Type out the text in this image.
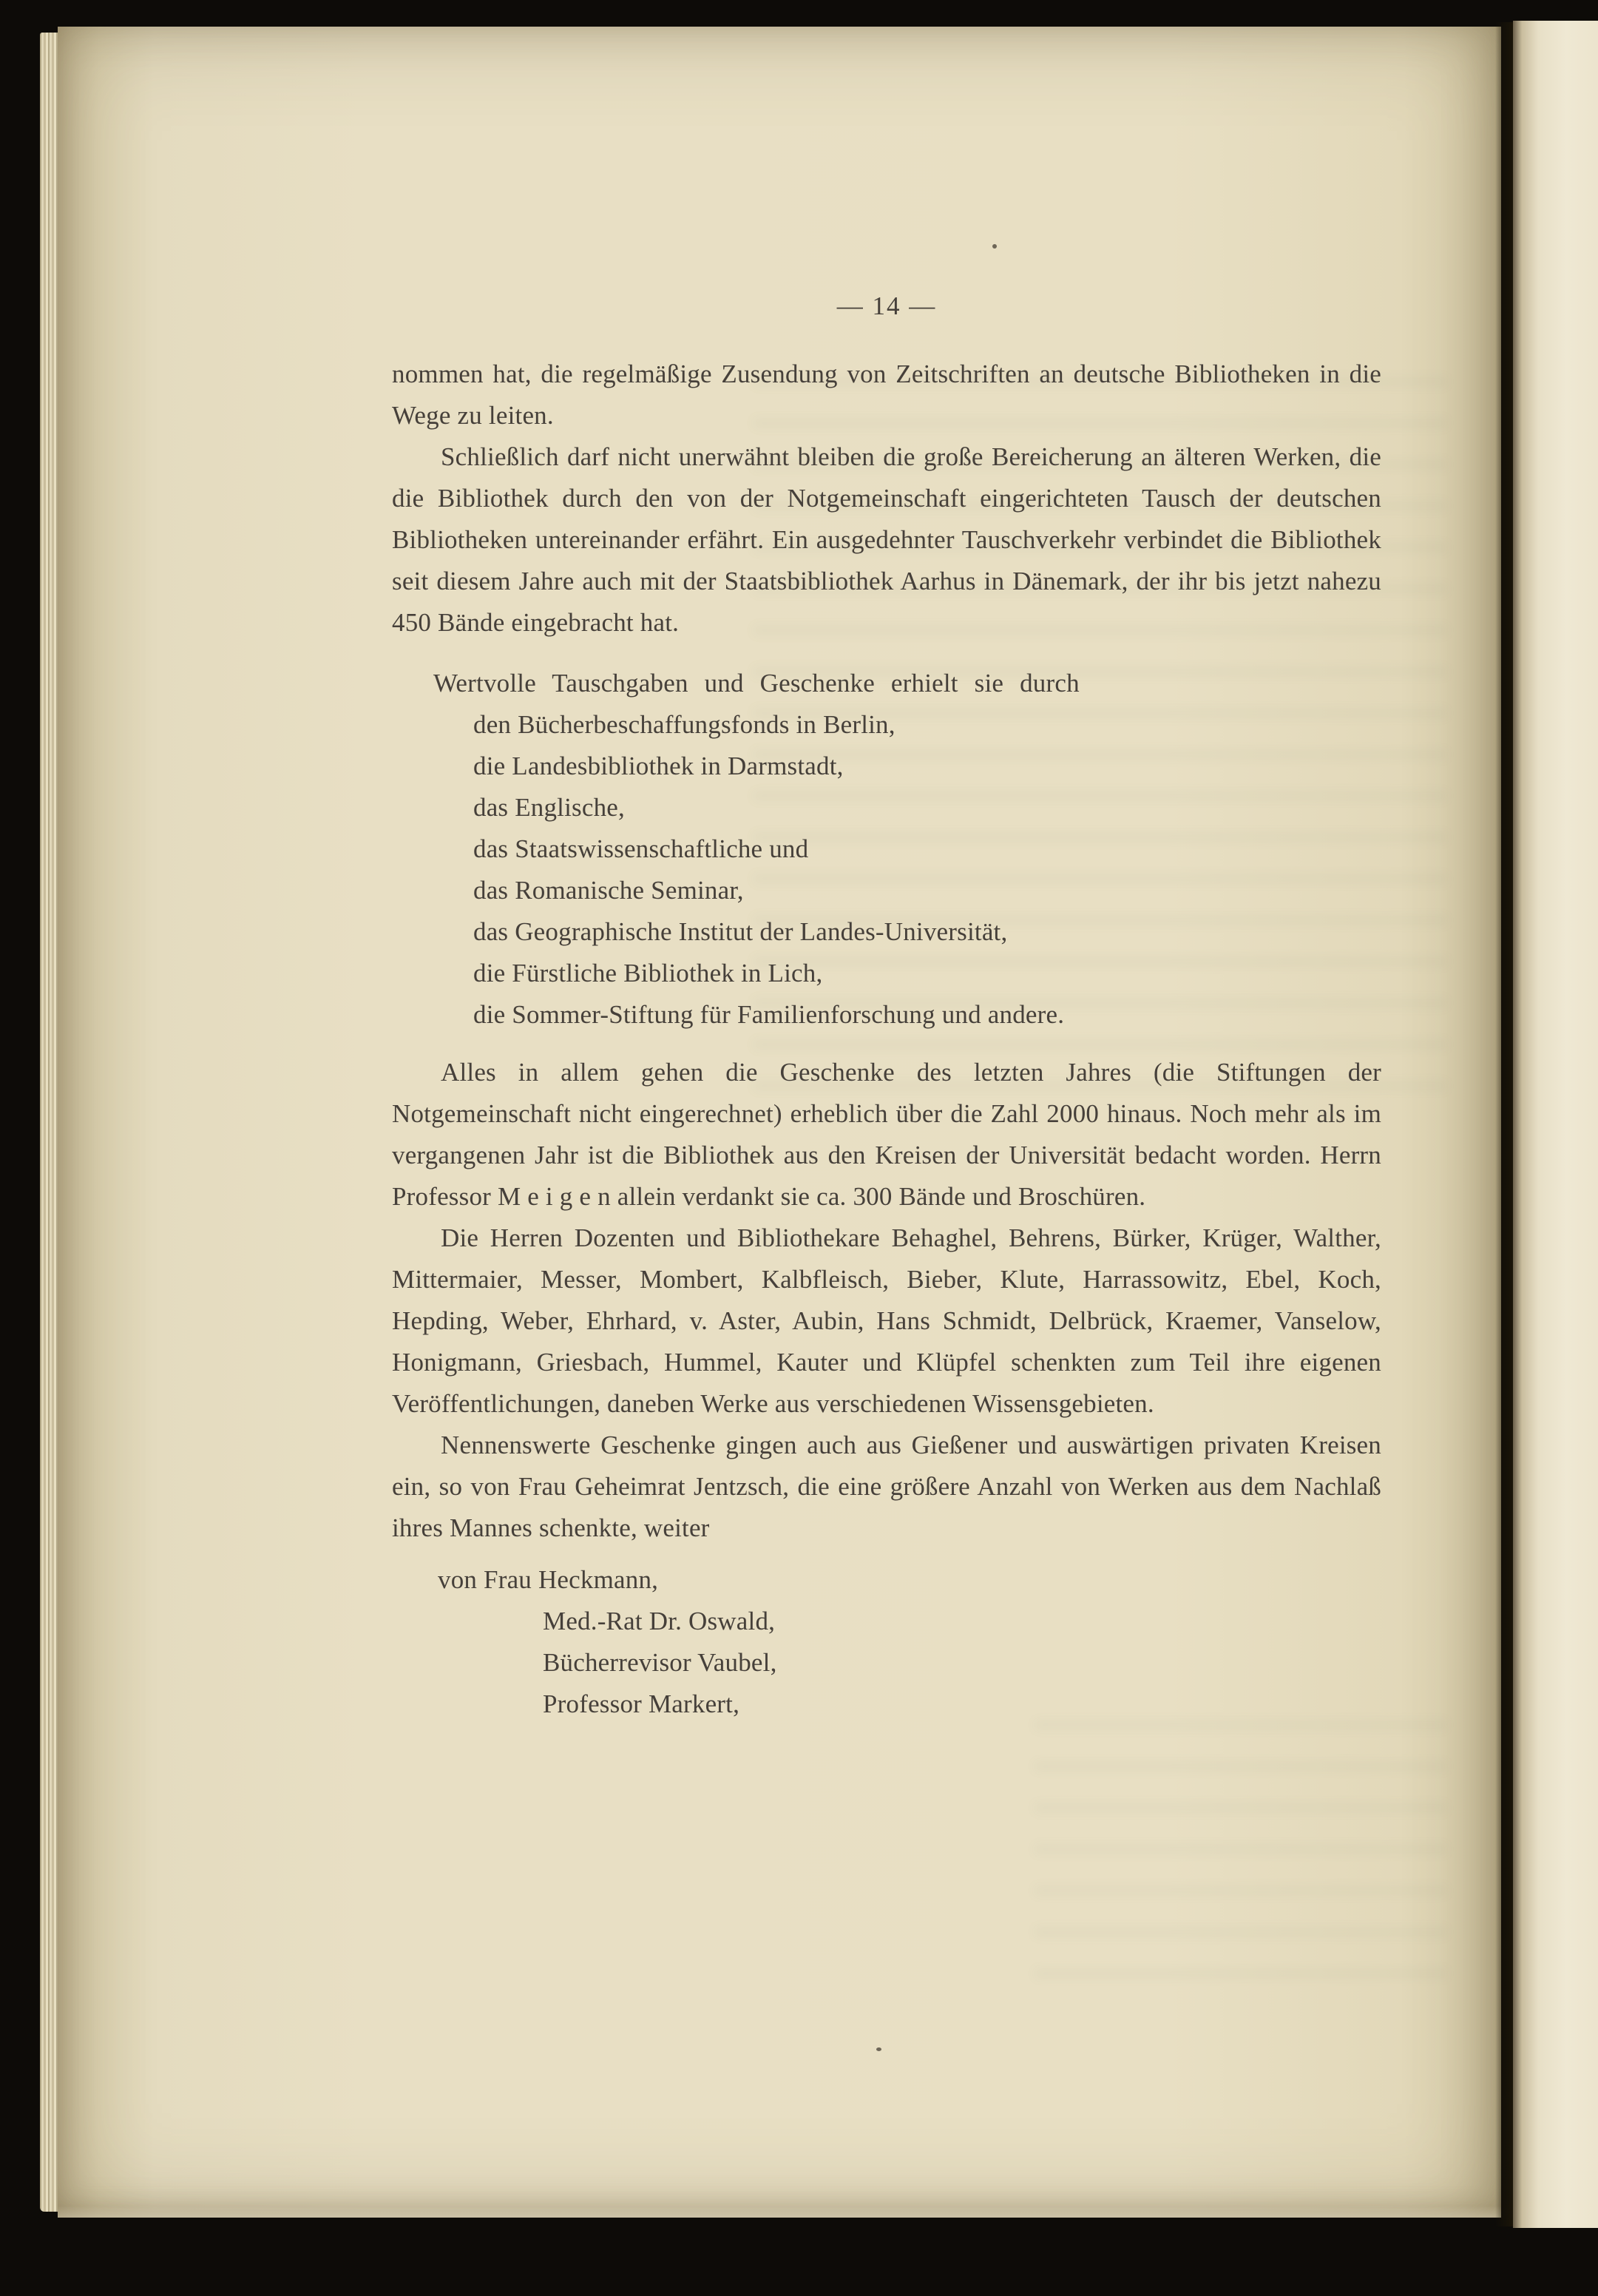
— 14 —

nommen hat, die regelmäßige Zusendung von Zeitschriften an deutsche Bibliotheken in die Wege zu leiten.

Schließlich darf nicht unerwähnt bleiben die große Bereicherung an älteren Werken, die die Bibliothek durch den von der Notgemeinschaft eingerichteten Tausch der deutschen Bibliotheken untereinander erfährt. Ein ausgedehnter Tauschverkehr verbindet die Bibliothek seit diesem Jahre auch mit der Staatsbibliothek Aarhus in Dänemark, der ihr bis jetzt nahezu 450 Bände eingebracht hat.

Wertvolle Tauschgaben und Geschenke erhielt sie durch
den Bücherbeschaffungsfonds in Berlin,
die Landesbibliothek in Darmstadt,
das Englische,
das Staatswissenschaftliche und
das Romanische Seminar,
das Geographische Institut der Landes-Universität,
die Fürstliche Bibliothek in Lich,
die Sommer-Stiftung für Familienforschung und andere.

Alles in allem gehen die Geschenke des letzten Jahres (die Stiftungen der Notgemeinschaft nicht eingerechnet) erheblich über die Zahl 2000 hinaus. Noch mehr als im vergangenen Jahr ist die Bibliothek aus den Kreisen der Universität bedacht worden. Herrn Professor M e i g e n allein verdankt sie ca. 300 Bände und Broschüren.

Die Herren Dozenten und Bibliothekare Behaghel, Behrens, Bürker, Krüger, Walther, Mittermaier, Messer, Mombert, Kalbfleisch, Bieber, Klute, Harrassowitz, Ebel, Koch, Hepding, Weber, Ehrhard, v. Aster, Aubin, Hans Schmidt, Delbrück, Kraemer, Vanselow, Honigmann, Griesbach, Hummel, Kauter und Klüpfel schenkten zum Teil ihre eigenen Veröffentlichungen, daneben Werke aus verschiedenen Wissensgebieten.

Nennenswerte Geschenke gingen auch aus Gießener und auswärtigen privaten Kreisen ein, so von Frau Geheimrat Jentzsch, die eine größere Anzahl von Werken aus dem Nachlaß ihres Mannes schenkte, weiter

von Frau Heckmann,
Med.-Rat Dr. Oswald,
Bücherrevisor Vaubel,
Professor Markert,
